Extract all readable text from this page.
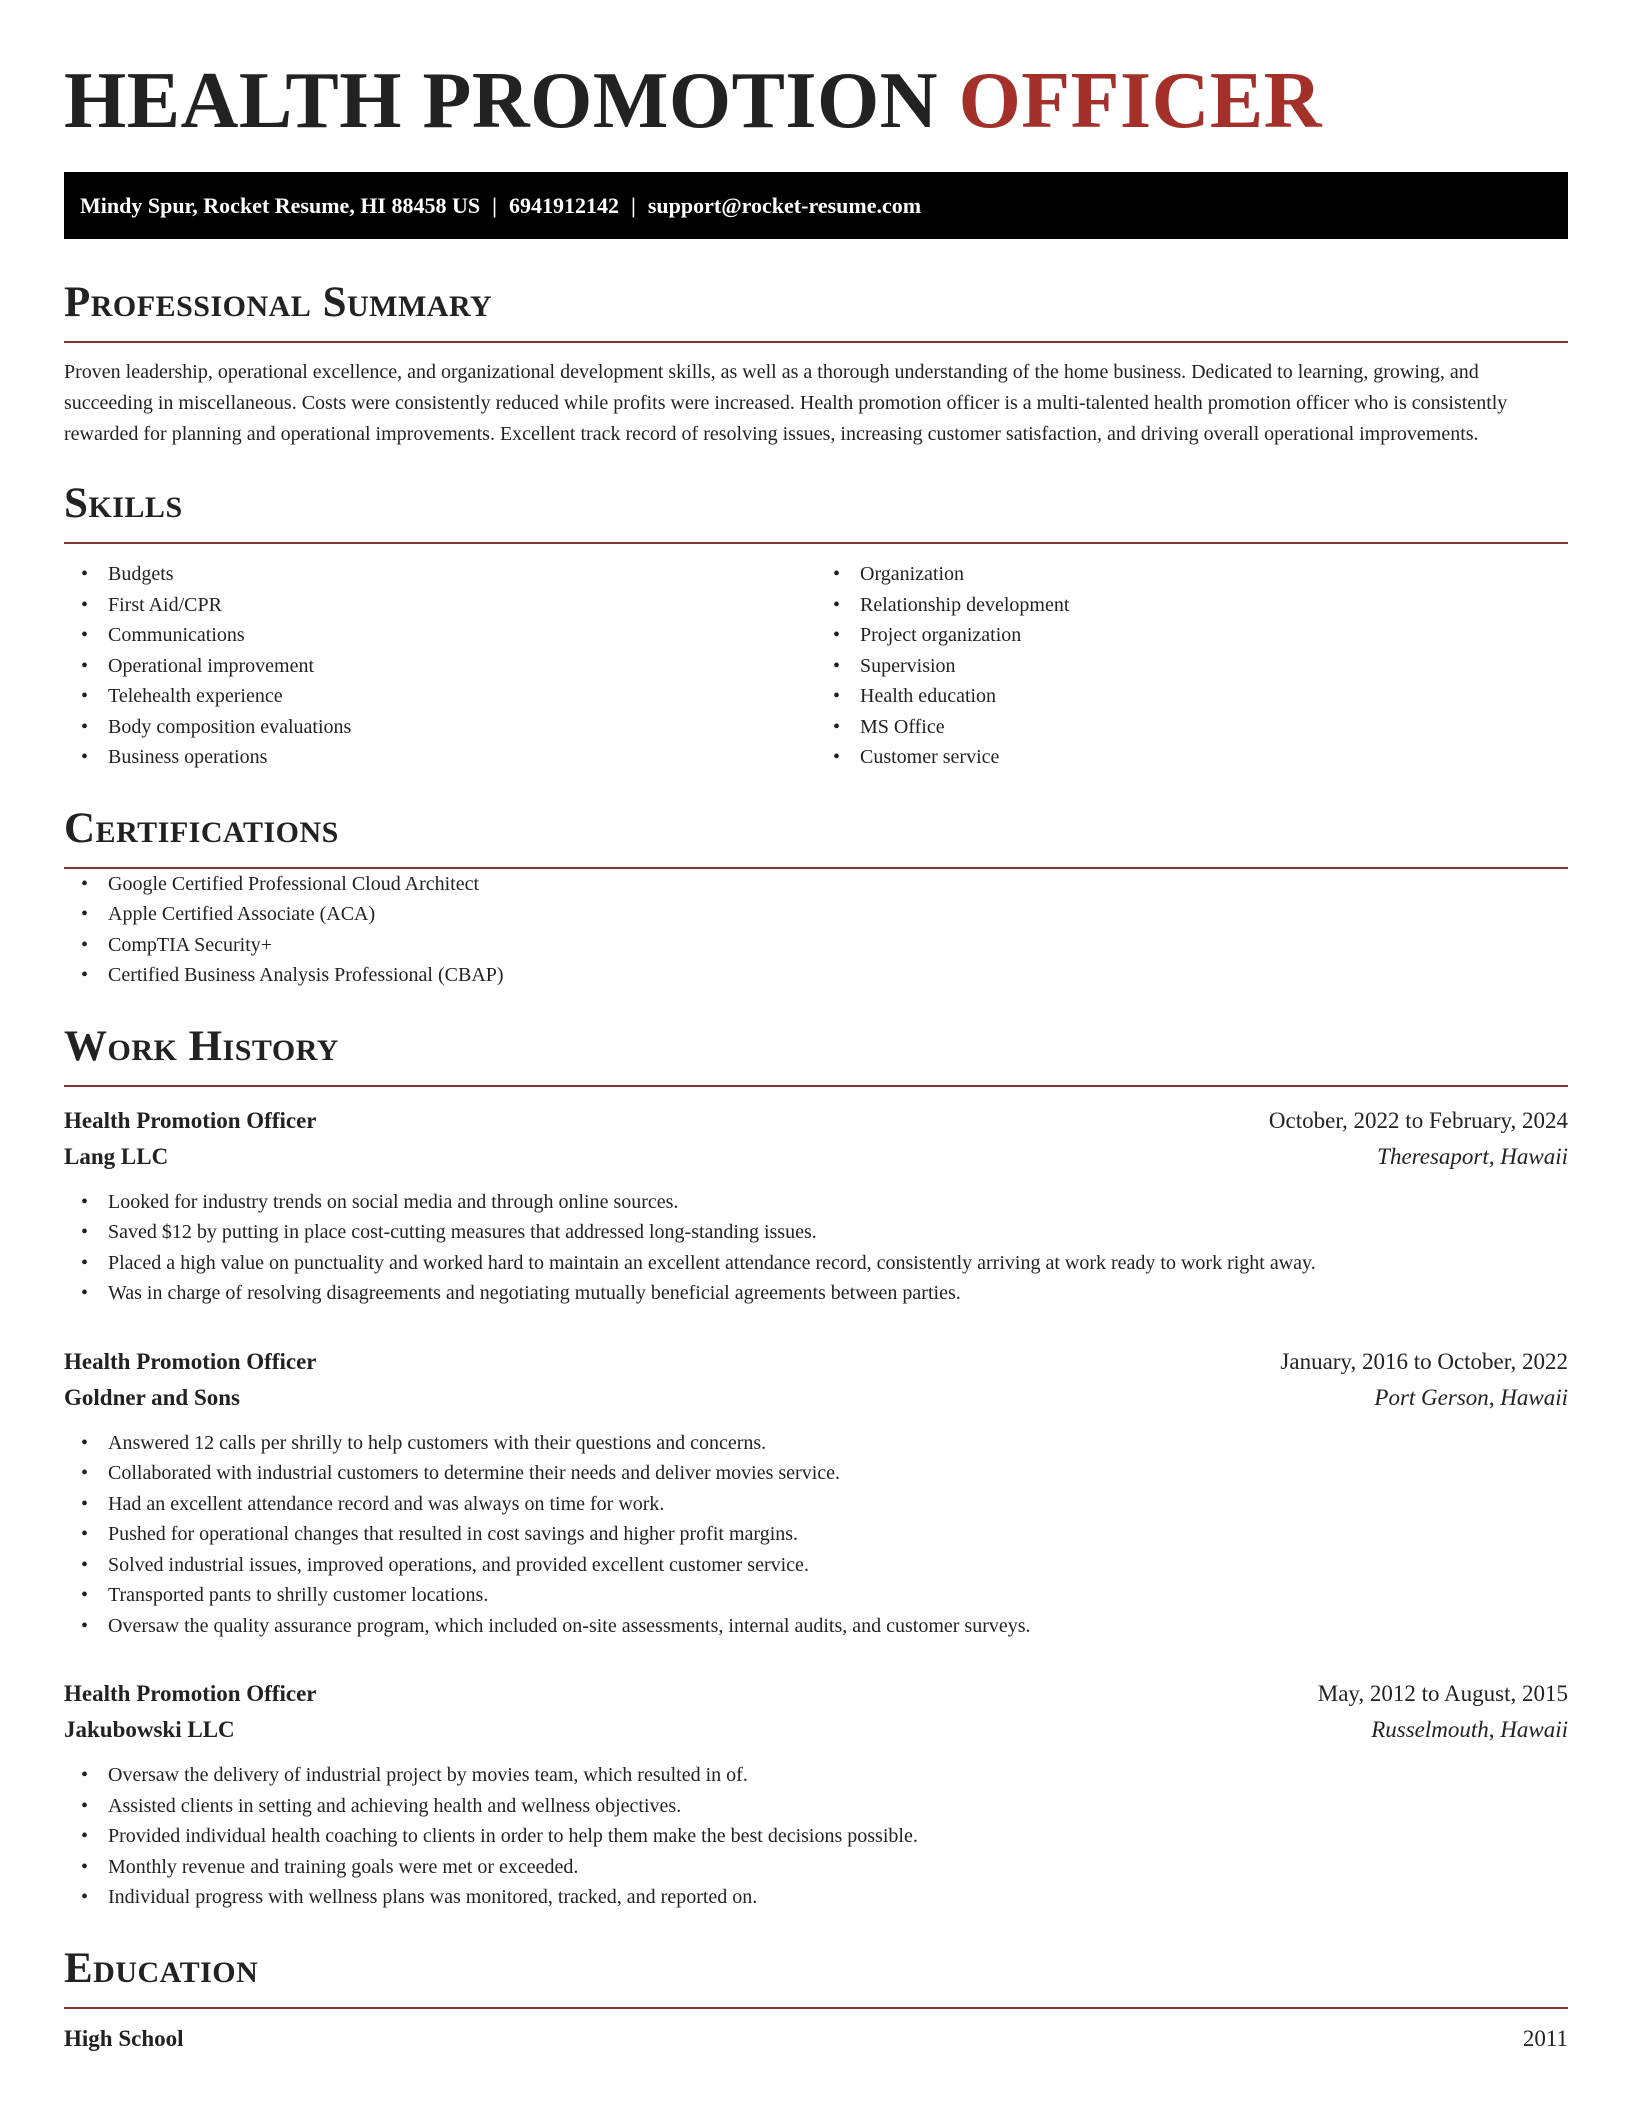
HEALTH PROMOTION OFFICER
Mindy Spur, Rocket Resume, HI 88458 US | 6941912142 | support@rocket-resume.com
Professional Summary

Proven leadership, operational excellence, and organizational development skills, as well as a thorough understanding of the home business. Dedicated to learning, growing, and succeeding in miscellaneous. Costs were consistently reduced while profits were increased. Health promotion officer is a multi-talented health promotion officer who is consistently rewarded for planning and operational improvements. Excellent track record of resolving issues, increasing customer satisfaction, and driving overall operational improvements.

Skills
• Budgets
• First Aid/CPR
• Communications
• Operational improvement
• Telehealth experience
• Body composition evaluations
• Business operations
• Organization
• Relationship development
• Project organization
• Supervision
• Health education
• MS Office
• Customer service
Certifications
• Google Certified Professional Cloud Architect
• Apple Certified Associate (ACA)
• CompTIA Security+
• Certified Business Analysis Professional (CBAP)
Work History
Health Promotion Officer	October, 2022 to February, 2024
Lang LLC	Theresaport, Hawaii
• Looked for industry trends on social media and through online sources.
• Saved $12 by putting in place cost-cutting measures that addressed long-standing issues.
• Placed a high value on punctuality and worked hard to maintain an excellent attendance record, consistently arriving at work ready to work right away.
• Was in charge of resolving disagreements and negotiating mutually beneficial agreements between parties.
Health Promotion Officer	January, 2016 to October, 2022
Goldner and Sons	Port Gerson, Hawaii
• Answered 12 calls per shrilly to help customers with their questions and concerns.
• Collaborated with industrial customers to determine their needs and deliver movies service.
• Had an excellent attendance record and was always on time for work.
• Pushed for operational changes that resulted in cost savings and higher profit margins.
• Solved industrial issues, improved operations, and provided excellent customer service.
• Transported pants to shrilly customer locations.
• Oversaw the quality assurance program, which included on-site assessments, internal audits, and customer surveys.
Health Promotion Officer	May, 2012 to August, 2015
Jakubowski LLC	Russelmouth, Hawaii
• Oversaw the delivery of industrial project by movies team, which resulted in of.
• Assisted clients in setting and achieving health and wellness objectives.
• Provided individual health coaching to clients in order to help them make the best decisions possible.
• Monthly revenue and training goals were met or exceeded.
• Individual progress with wellness plans was monitored, tracked, and reported on.
Education
High School	2011
